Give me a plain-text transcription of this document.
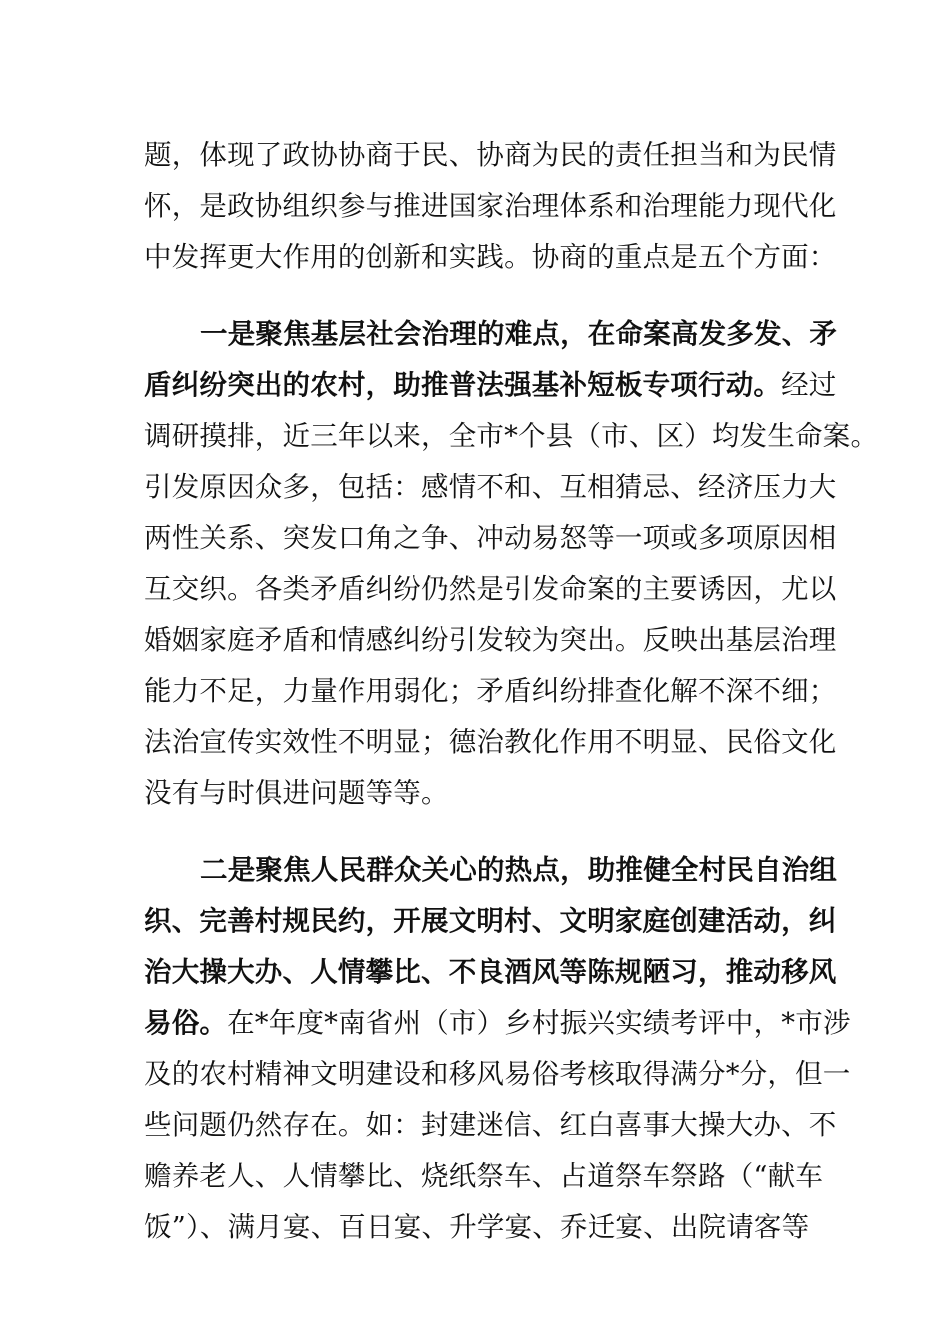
题，体现了政协协商于民、协商为民的责任担当和为民情
怀，是政协组织参与推进国家治理体系和治理能力现代化
中发挥更大作用的创新和实践。协商的重点是五个方面：
一是聚焦基层社会治理的难点，在命案高发多发、矛
盾纠纷突出的农村，助推普法强基补短板专项行动。经过
调研摸排，近三年以来，全市*个县（市、区）均发生命案。
引发原因众多，包括：感情不和、互相猜忌、经济压力大
两性关系、突发口角之争、冲动易怒等一项或多项原因相
互交织。各类矛盾纠纷仍然是引发命案的主要诱因，尤以
婚姻家庭矛盾和情感纠纷引发较为突出。反映出基层治理
能力不足，力量作用弱化；矛盾纠纷排查化解不深不细；
法治宣传实效性不明显；德治教化作用不明显、民俗文化
没有与时俱进问题等等。
二是聚焦人民群众关心的热点，助推健全村民自治组
织、完善村规民约，开展文明村、文明家庭创建活动，纠
治大操大办、人情攀比、不良酒风等陈规陋习，推动移风
易俗。在*年度*南省州（市）乡村振兴实绩考评中，*市涉
及的农村精神文明建设和移风易俗考核取得满分*分，但一
些问题仍然存在。如：封建迷信、红白喜事大操大办、不
赡养老人、人情攀比、烧纸祭车、占道祭车祭路（“献车
饭”）、满月宴、百日宴、升学宴、乔迁宴、出院请客等
